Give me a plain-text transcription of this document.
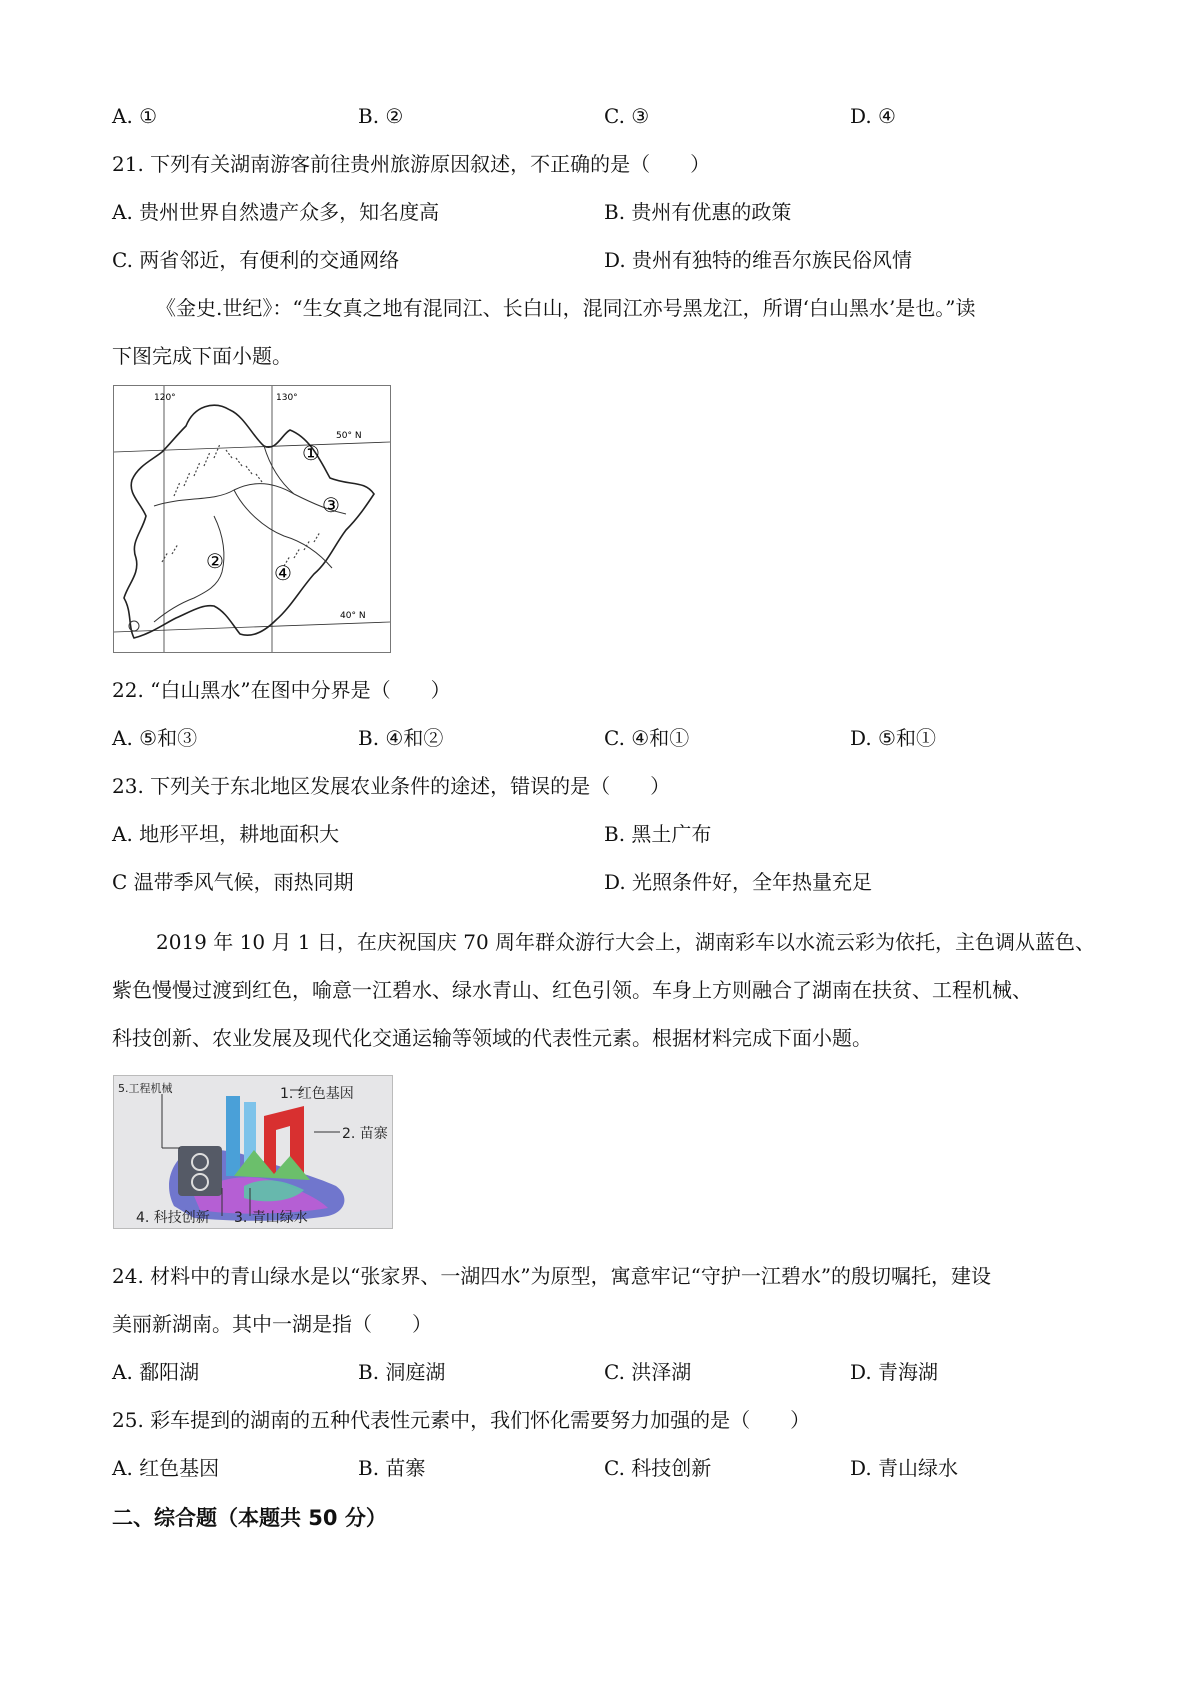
A. ①	B. ②	C. ③	D. ④
21. 下列有关湖南游客前往贵州旅游原因叙述，不正确的是（　　）
A. 贵州世界自然遗产众多，知名度高	B. 贵州有优惠的政策
C. 两省邻近，有便利的交通网络	D. 贵州有独特的维吾尔族民俗风情
《金史.世纪》：“生女真之地有混同江、长白山，混同江亦号黑龙江，所谓‘白山黑水’是也。”读
下图完成下面小题。
120°	130°
50° N
40° N
①
②
③
④
22. “白山黑水”在图中分界是（　　）
A. ⑤和③	B. ④和②	C. ④和①	D. ⑤和①
23. 下列关于东北地区发展农业条件的途述，错误的是（　　）
A. 地形平坦，耕地面积大	B. 黑土广布
C 温带季风气候，雨热同期	D. 光照条件好，全年热量充足
2019 年 10 月 1 日，在庆祝国庆 70 周年群众游行大会上，湖南彩车以水流云彩为依托，主色调从蓝色、
紫色慢慢过渡到红色，喻意一江碧水、绿水青山、红色引领。车身上方则融合了湖南在扶贫、工程机械、
科技创新、农业发展及现代化交通运输等领域的代表性元素。根据材料完成下面小题。
5.工程机械	1. 红色基因
2. 苗寨
4. 科技创新 3. 青山绿水
24. 材料中的青山绿水是以“张家界、一湖四水”为原型，寓意牢记“守护一江碧水”的殷切嘱托，建设
美丽新湖南。其中一湖是指（　　）
A. 鄱阳湖	B. 洞庭湖	C. 洪泽湖	D. 青海湖
25. 彩车提到的湖南的五种代表性元素中，我们怀化需要努力加强的是（　　）
A. 红色基因	B. 苗寨	C. 科技创新	D. 青山绿水
二、综合题（本题共 50 分）
